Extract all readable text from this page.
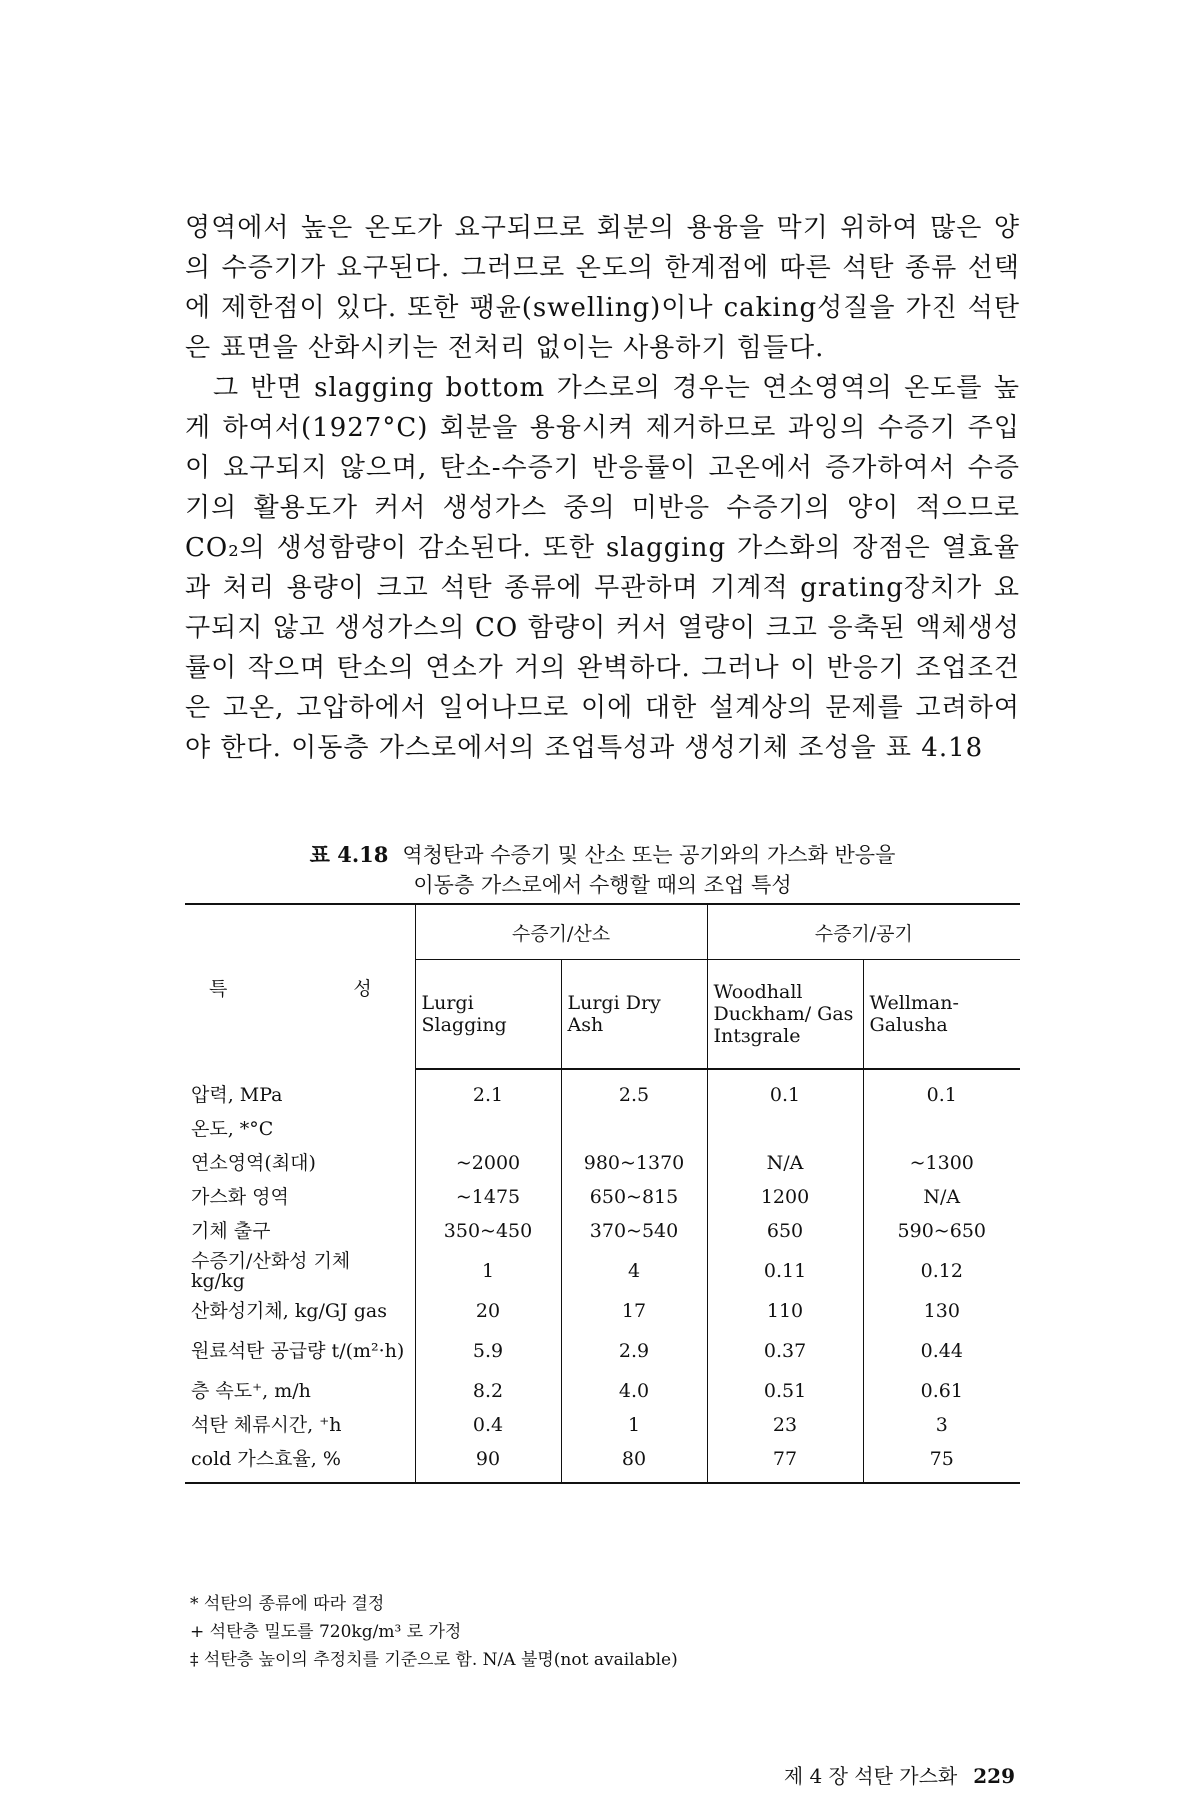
영역에서 높은 온도가 요구되므로 회분의 용융을 막기 위하여 많은 양의 수증기가 요구된다. 그러므로 온도의 한계점에 따른 석탄 종류 선택에 제한점이 있다. 또한 팽윤(swelling)이나 caking성질을 가진 석탄은 표면을 산화시키는 전처리 없이는 사용하기 힘들다.

그 반면 slagging bottom 가스로의 경우는 연소영역의 온도를 높게 하여서(1927°C) 회분을 용융시켜 제거하므로 과잉의 수증기 주입이 요구되지 않으며, 탄소-수증기 반응률이 고온에서 증가하여서 수증기의 활용도가 커서 생성가스 중의 미반응 수증기의 양이 적으므로 CO₂의 생성함량이 감소된다. 또한 slagging 가스화의 장점은 열효율과 처리 용량이 크고 석탄 종류에 무관하며 기계적 grating장치가 요구되지 않고 생성가스의 CO 함량이 커서 열량이 크고 응축된 액체생성률이 작으며 탄소의 연소가 거의 완벽하다. 그러나 이 반응기 조업조건은 고온, 고압하에서 일어나므로 이에 대한 설계상의 문제를 고려하여야 한다. 이동층 가스로에서의 조업특성과 생성기체 조성을 표 4.18

표 4.18 역청탄과 수증기 및 산소 또는 공기와의 가스화 반응을
이동층 가스로에서 수행할 때의 조업 특성
특 성	수증기/산소		수증기/공기	
	Lurgi Slagging	Lurgi Dry Ash	Woodhall Duckham/ Gas Intɜgrale	Wellman- Galusha
압력, MPa	2.1	2.5	0.1	0.1
온도, *°C				
연소영역(최대)	~2000	980~1370	N/A	~1300
가스화 영역	~1475	650~815	1200	N/A
기체 출구	350~450	370~540	650	590~650
수증기/산화성 기체 kg/kg	1	4	0.11	0.12
산화성기체, kg/GJ gas	20	17	110	130
원료석탄 공급량 t/(m²·h)	5.9	2.9	0.37	0.44
층 속도⁺, m/h	8.2	4.0	0.51	0.61
석탄 체류시간, ⁺h	0.4	1	23	3
cold 가스효율, %	90	80	77	75
* 석탄의 종류에 따라 결정
+ 석탄층 밀도를 720kg/m³ 로 가정
‡ 석탄층 높이의 추정치를 기준으로 함. N/A 불명(not available)
제 4 장 석탄 가스화 229
